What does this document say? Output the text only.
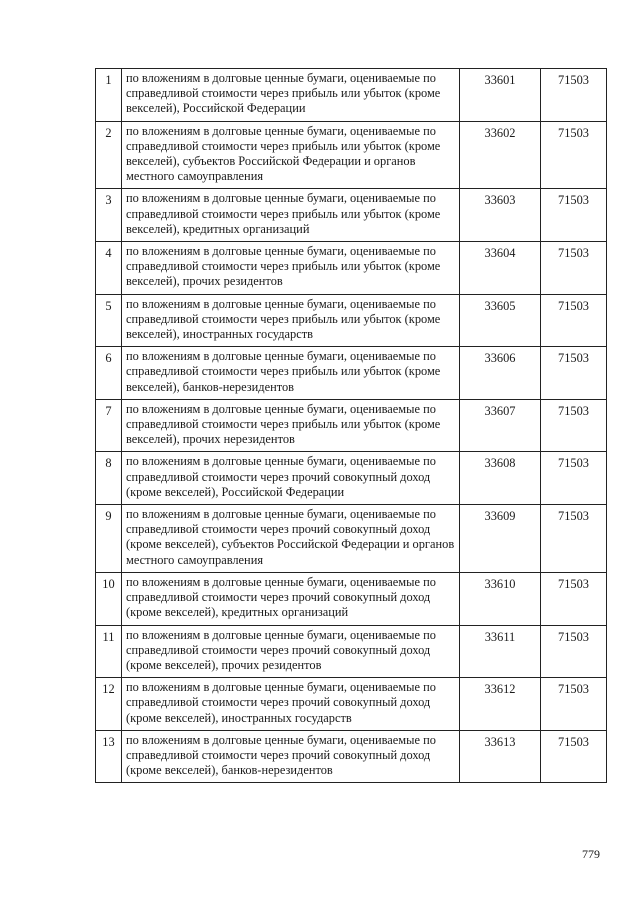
1	по вложениям в долговые ценные бумаги, оцениваемые по справедливой стоимости через прибыль или убыток (кроме векселей), Российской Федерации	33601	71503
2	по вложениям в долговые ценные бумаги, оцениваемые по справедливой стоимости через прибыль или убыток (кроме векселей), субъектов Российской Федерации и органов местного самоуправления	33602	71503
3	по вложениям в долговые ценные бумаги, оцениваемые по справедливой стоимости через прибыль или убыток (кроме векселей), кредитных организаций	33603	71503
4	по вложениям в долговые ценные бумаги, оцениваемые по справедливой стоимости через прибыль или убыток (кроме векселей), прочих резидентов	33604	71503
5	по вложениям в долговые ценные бумаги, оцениваемые по справедливой стоимости через прибыль или убыток (кроме векселей), иностранных государств	33605	71503
6	по вложениям в долговые ценные бумаги, оцениваемые по справедливой стоимости через прибыль или убыток (кроме векселей), банков-нерезидентов	33606	71503
7	по вложениям в долговые ценные бумаги, оцениваемые по справедливой стоимости через прибыль или убыток (кроме векселей), прочих нерезидентов	33607	71503
8	по вложениям в долговые ценные бумаги, оцениваемые по справедливой стоимости через прочий совокупный доход (кроме векселей), Российской Федерации	33608	71503
9	по вложениям в долговые ценные бумаги, оцениваемые по справедливой стоимости через прочий совокупный доход (кроме векселей), субъектов Российской Федерации и органов местного самоуправления	33609	71503
10	по вложениям в долговые ценные бумаги, оцениваемые по справедливой стоимости через прочий совокупный доход (кроме векселей), кредитных организаций	33610	71503
11	по вложениям в долговые ценные бумаги, оцениваемые по справедливой стоимости через прочий совокупный доход (кроме векселей), прочих резидентов	33611	71503
12	по вложениям в долговые ценные бумаги, оцениваемые по справедливой стоимости через прочий совокупный доход (кроме векселей), иностранных государств	33612	71503
13	по вложениям в долговые ценные бумаги, оцениваемые по справедливой стоимости через прочий совокупный доход (кроме векселей), банков-нерезидентов	33613	71503
779
